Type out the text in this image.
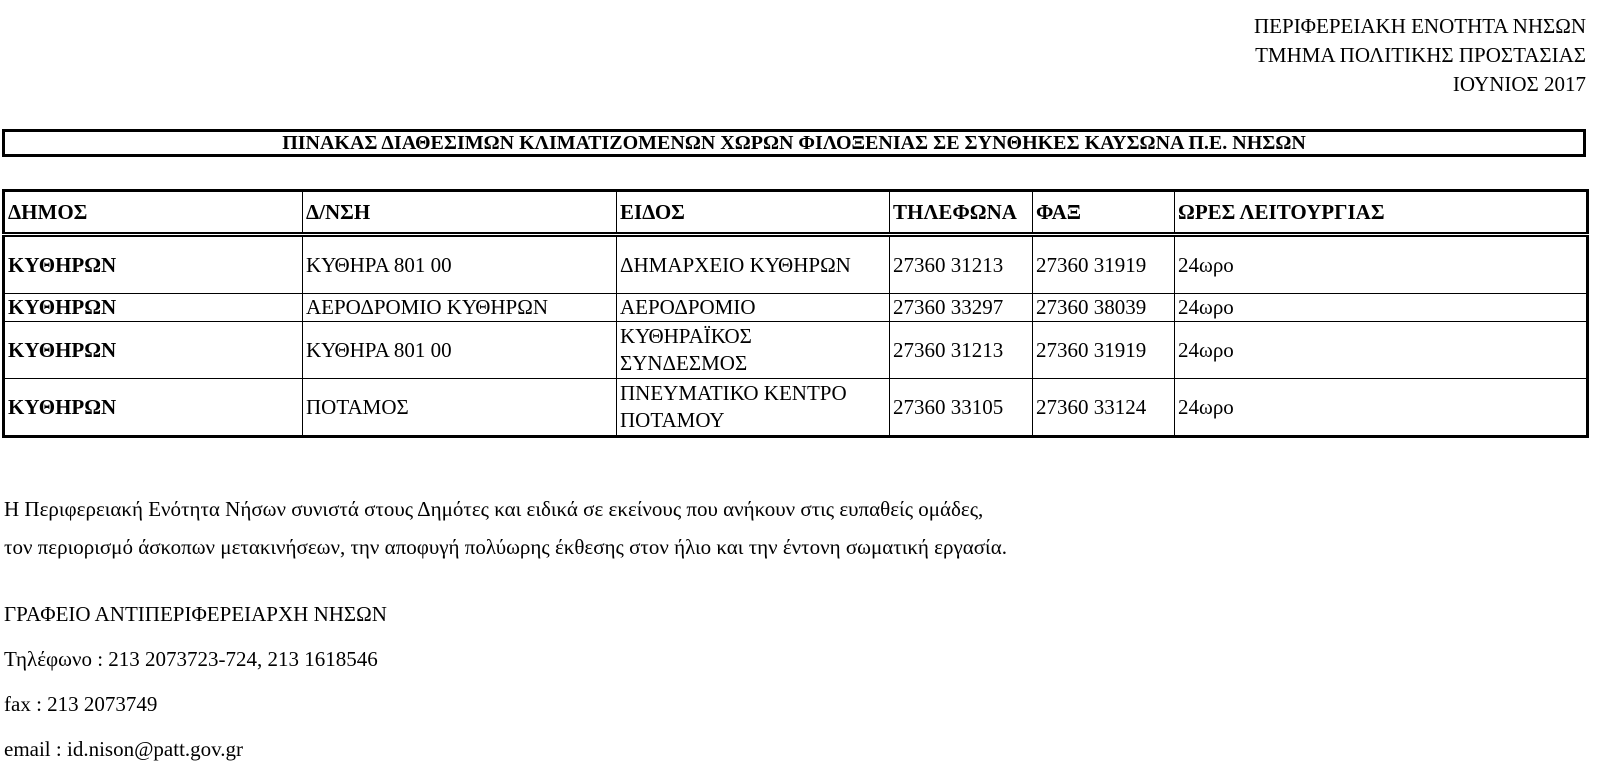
ΠΕΡΙΦΕΡΕΙΑΚΗ ΕΝΟΤΗΤΑ ΝΗΣΩΝ
ΤΜΗΜΑ ΠΟΛΙΤΙΚΗΣ ΠΡΟΣΤΑΣΙΑΣ
ΙΟΥΝΙΟΣ 2017
ΠΙΝΑΚΑΣ ΔΙΑΘΕΣΙΜΩΝ ΚΛΙΜΑΤΙΖΟΜΕΝΩΝ ΧΩΡΩΝ ΦΙΛΟΞΕΝΙΑΣ ΣΕ ΣΥΝΘΗΚΕΣ ΚΑΥΣΩΝΑ Π.Ε. ΝΗΣΩΝ
ΔΗΜΟΣ	Δ/ΝΣΗ	ΕΙΔΟΣ	ΤΗΛΕΦΩΝΑ	ΦΑΞ	ΩΡΕΣ ΛΕΙΤΟΥΡΓΙΑΣ
ΚΥΘΗΡΩΝ	ΚΥΘΗΡΑ 801 00	ΔΗΜΑΡΧΕΙΟ ΚΥΘΗΡΩΝ	27360 31213	27360 31919	24ωρο
ΚΥΘΗΡΩΝ	ΑΕΡΟΔΡΟΜΙΟ ΚΥΘΗΡΩΝ	ΑΕΡΟΔΡΟΜΙΟ	27360 33297	27360 38039	24ωρο
ΚΥΘΗΡΩΝ	ΚΥΘΗΡΑ 801 00	ΚΥΘΗΡΑΪΚΟΣ
ΣΥΝΔΕΣΜΟΣ	27360 31213	27360 31919	24ωρο
ΚΥΘΗΡΩΝ	ΠΟΤΑΜΟΣ	ΠΝΕΥΜΑΤΙΚΟ ΚΕΝΤΡΟ
ΠΟΤΑΜΟΥ	27360 33105	27360 33124	24ωρο
Η Περιφερειακή Ενότητα Νήσων συνιστά στους Δημότες και ειδικά σε εκείνους που ανήκουν στις ευπαθείς ομάδες,
τον περιορισμό άσκοπων μετακινήσεων, την αποφυγή πολύωρης έκθεσης στον ήλιο και την έντονη σωματική εργασία.
ΓΡΑΦΕΙΟ ΑΝΤΙΠΕΡΙΦΕΡΕΙΑΡΧΗ ΝΗΣΩΝ
Τηλέφωνο : 213 2073723-724, 213 1618546
fax : 213 2073749
email : id.nison@patt.gov.gr
